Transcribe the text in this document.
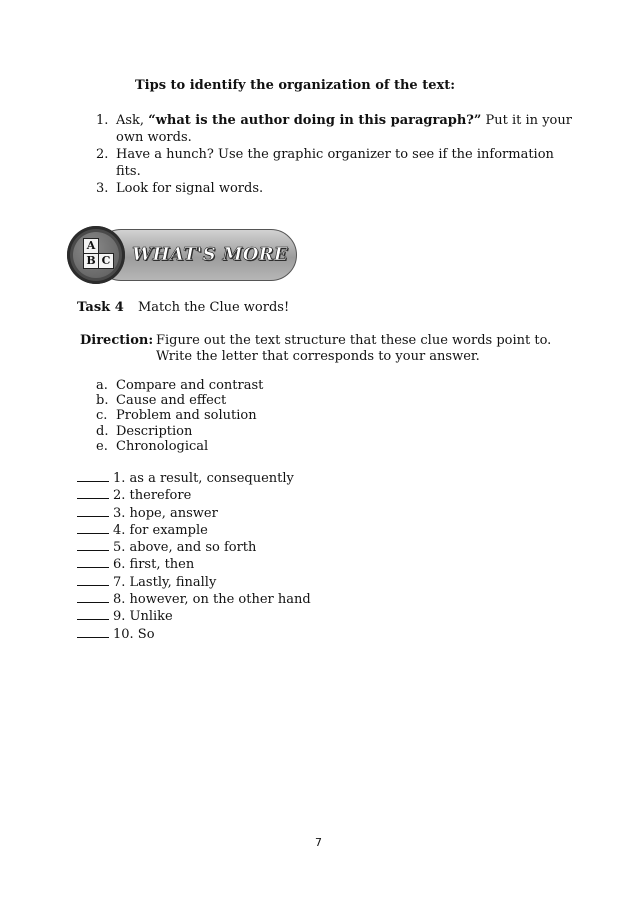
Tips to identify the organization of the text:
1. Ask, “what is the author doing in this paragraph?” Put it in your
own words.
2. Have a hunch? Use the graphic organizer to see if the information
fits.
3. Look for signal words.
A
B C WHAT'S MORE
Task 4 Match the Clue words!
Direction: Figure out the text structure that these clue words point to.
Write the letter that corresponds to your answer.
a. Compare and contrast
b. Cause and effect
c. Problem and solution
d. Description
e. Chronological
1. as a result, consequently
2. therefore
3. hope, answer
4. for example
5. above, and so forth
6. first, then
7. Lastly, finally
8. however, on the other hand
9. Unlike
10. So
7
